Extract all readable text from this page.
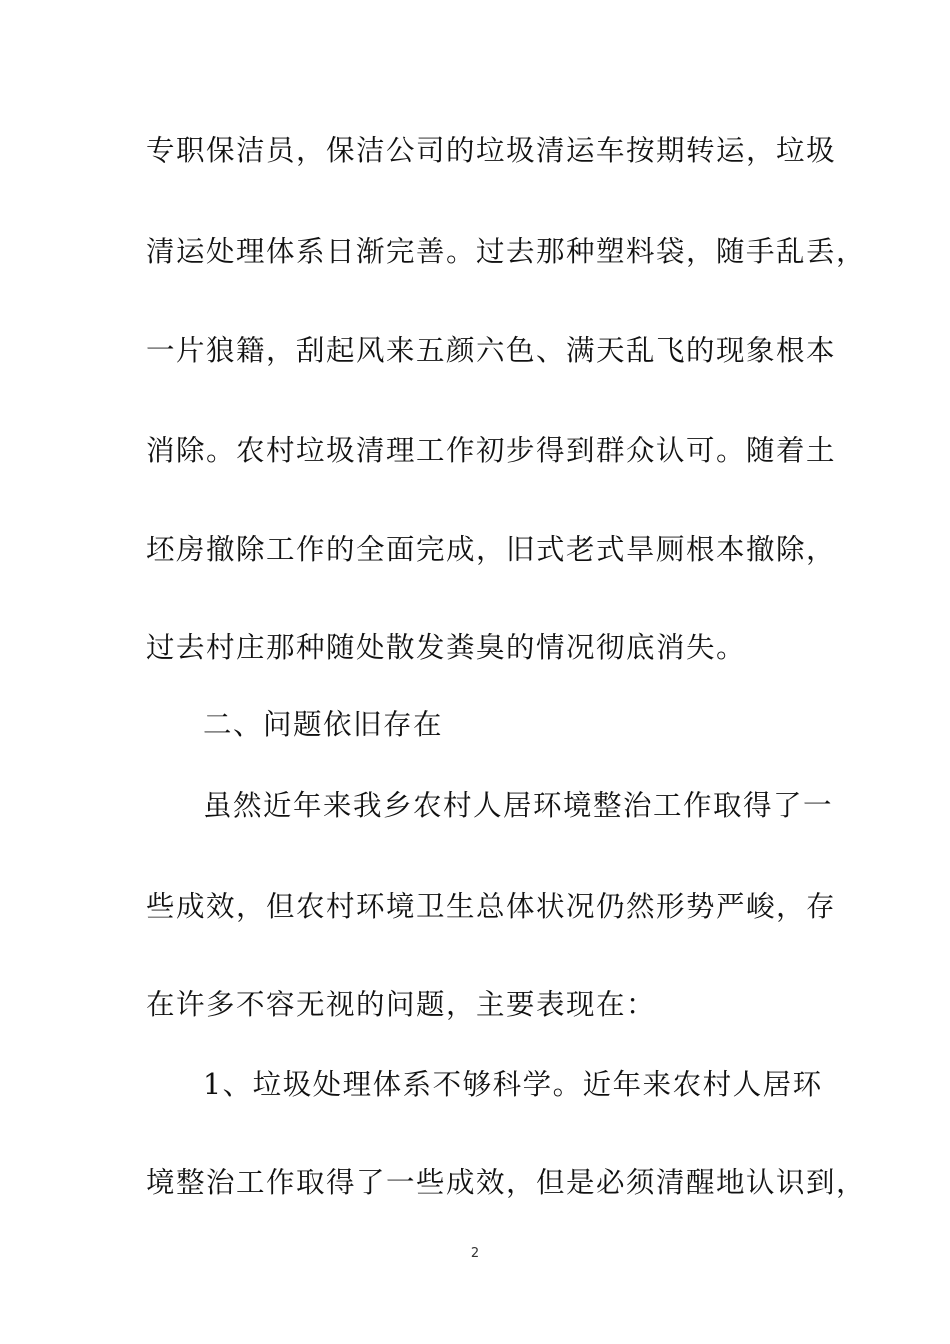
专职保洁员，保洁公司的垃圾清运车按期转运，垃圾
清运处理体系日渐完善。过去那种塑料袋，随手乱丢，
一片狼籍，刮起风来五颜六色、满天乱飞的现象根本
消除。农村垃圾清理工作初步得到群众认可。随着土
坯房撤除工作的全面完成，旧式老式旱厕根本撤除，
过去村庄那种随处散发粪臭的情况彻底消失。
二、问题依旧存在
虽然近年来我乡农村人居环境整治工作取得了一
些成效，但农村环境卫生总体状况仍然形势严峻，存
在许多不容无视的问题，主要表现在：
1、垃圾处理体系不够科学。近年来农村人居环
境整治工作取得了一些成效，但是必须清醒地认识到，
2
